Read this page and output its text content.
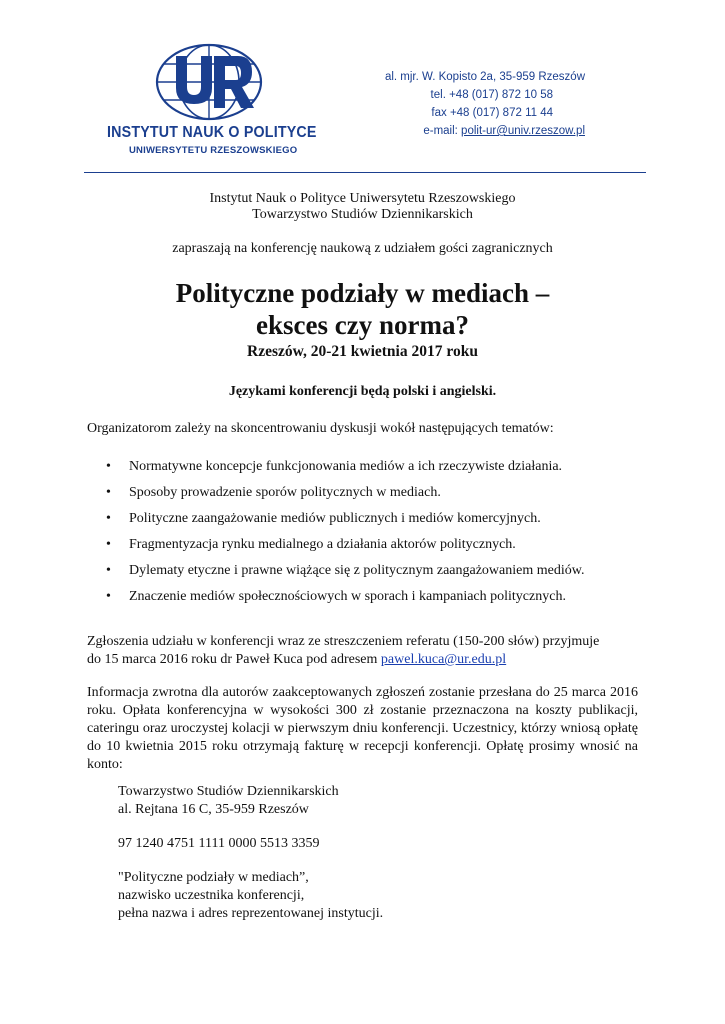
INSTYTUT NAUK O POLITYCE
UNIWERSYTETU RZESZOWSKIEGO
al. mjr. W. Kopisto 2a, 35-959 Rzeszów
tel. +48 (017) 872 10 58
fax +48 (017) 872 11 44
e-mail: polit-ur@univ.rzeszow.pl
Instytut Nauk o Polityce Uniwersytetu Rzeszowskiego
Towarzystwo Studiów Dziennikarskich
zapraszają na konferencję naukową z udziałem gości zagranicznych
Polityczne podziały w mediach –
eksces czy norma?
Rzeszów, 20-21 kwietnia 2017 roku
Językami konferencji będą polski i angielski.
Organizatorom zależy na skoncentrowaniu dyskusji wokół następujących tematów:
• Normatywne koncepcje funkcjonowania mediów a ich rzeczywiste działania.
• Sposoby prowadzenie sporów politycznych w mediach.
• Polityczne zaangażowanie mediów publicznych i mediów komercyjnych.
• Fragmentyzacja rynku medialnego a działania aktorów politycznych.
• Dylematy etyczne i prawne wiążące się z politycznym zaangażowaniem mediów.
• Znaczenie mediów społecznościowych w sporach i kampaniach politycznych.
Zgłoszenia udziału w konferencji wraz ze streszczeniem referatu (150-200 słów) przyjmuje
do 15 marca 2016 roku dr Paweł Kuca pod adresem pawel.kuca@ur.edu.pl
Informacja zwrotna dla autorów zaakceptowanych zgłoszeń zostanie przesłana do 25 marca 2016 roku. Opłata konferencyjna w wysokości 300 zł zostanie przeznaczona na koszty publikacji, cateringu oraz uroczystej kolacji w pierwszym dniu konferencji. Uczestnicy, którzy wniosą opłatę do 10 kwietnia 2015 roku otrzymają fakturę w recepcji konferencji. Opłatę prosimy wnosić na konto:
Towarzystwo Studiów Dziennikarskich
al. Rejtana 16 C, 35-959 Rzeszów
97 1240 4751 1111 0000 5513 3359
"Polityczne podziały w mediach”,
nazwisko uczestnika konferencji,
pełna nazwa i adres reprezentowanej instytucji.
